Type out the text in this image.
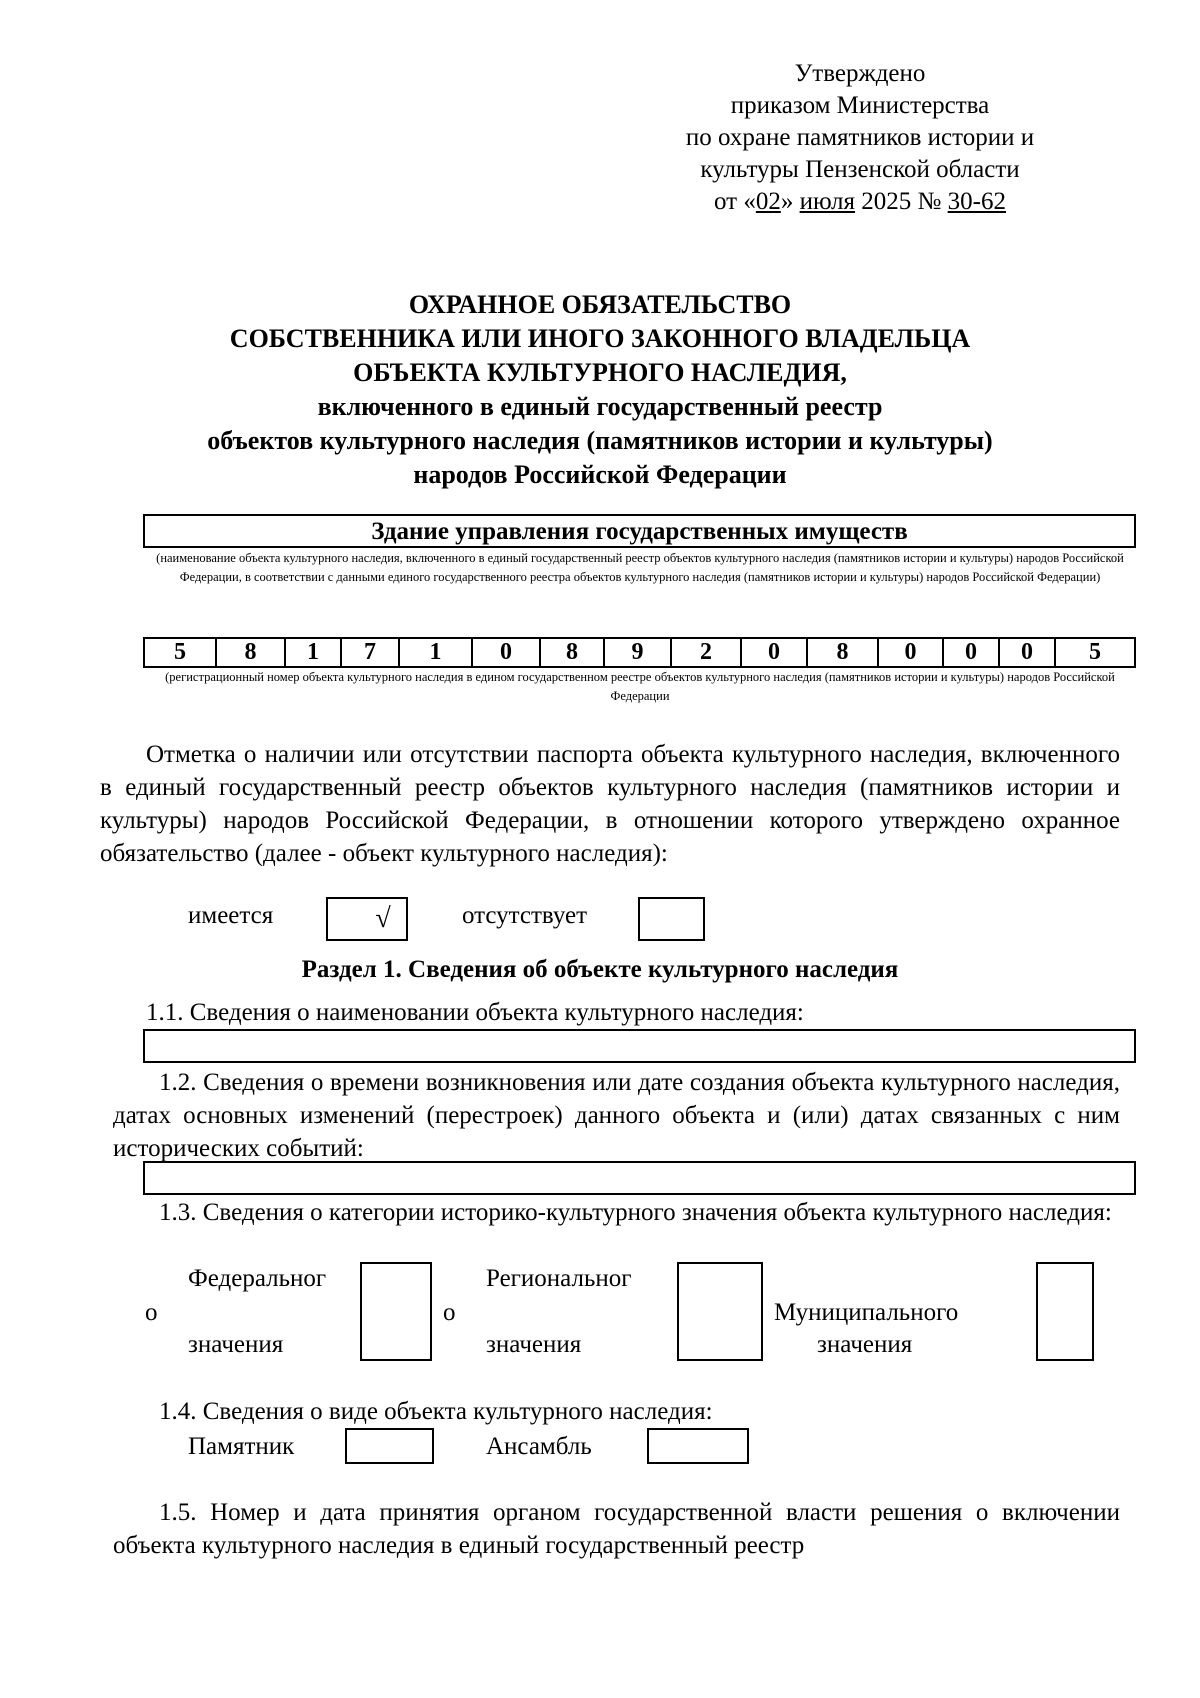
Утверждено
приказом Министерства
по охране памятников истории и
культуры Пензенской области
от «02» июля 2025 № 30-62
ОХРАННОЕ ОБЯЗАТЕЛЬСТВО
СОБСТВЕННИКА ИЛИ ИНОГО ЗАКОННОГО ВЛАДЕЛЬЦА
ОБЪЕКТА КУЛЬТУРНОГО НАСЛЕДИЯ,
включенного в единый государственный реестр
объектов культурного наследия (памятников истории и культуры)
народов Российской Федерации
Здание управления государственных имуществ
(наименование объекта культурного наследия, включенного в единый государственный реестр объектов культурного наследия (памятников истории и культуры) народов Российской Федерации, в соответствии с данными единого государственного реестра объектов культурного наследия (памятников истории и культуры) народов Российской Федерации)
5	8	1	7	1	0	8	9	2	0	8	0	0	0	5
(регистрационный номер объекта культурного наследия в едином государственном реестре объектов культурного наследия (памятников истории и культуры) народов Российской Федерации
Отметка о наличии или отсутствии паспорта объекта культурного наследия, включенного в единый государственный реестр объектов культурного наследия (памятников истории и культуры) народов Российской Федерации, в отношении которого утверждено охранное обязательство (далее - объект культурного наследия):
имеется	√	отсутствует
Раздел 1. Сведения об объекте культурного наследия
1.1. Сведения о наименовании объекта культурного наследия:
1.2. Сведения о времени возникновения или дате создания объекта культурного наследия, датах основных изменений (перестроек) данного объекта и (или) датах связанных с ним исторических событий:
1.3. Сведения о категории историко-культурного значения объекта культурного наследия:
Федеральног
о
значения
Региональног
о
значения
Муниципального
значения
1.4. Сведения о виде объекта культурного наследия:
Памятник	Ансамбль
1.5. Номер и дата принятия органом государственной власти решения о включении объекта культурного наследия в единый государственный реестр
